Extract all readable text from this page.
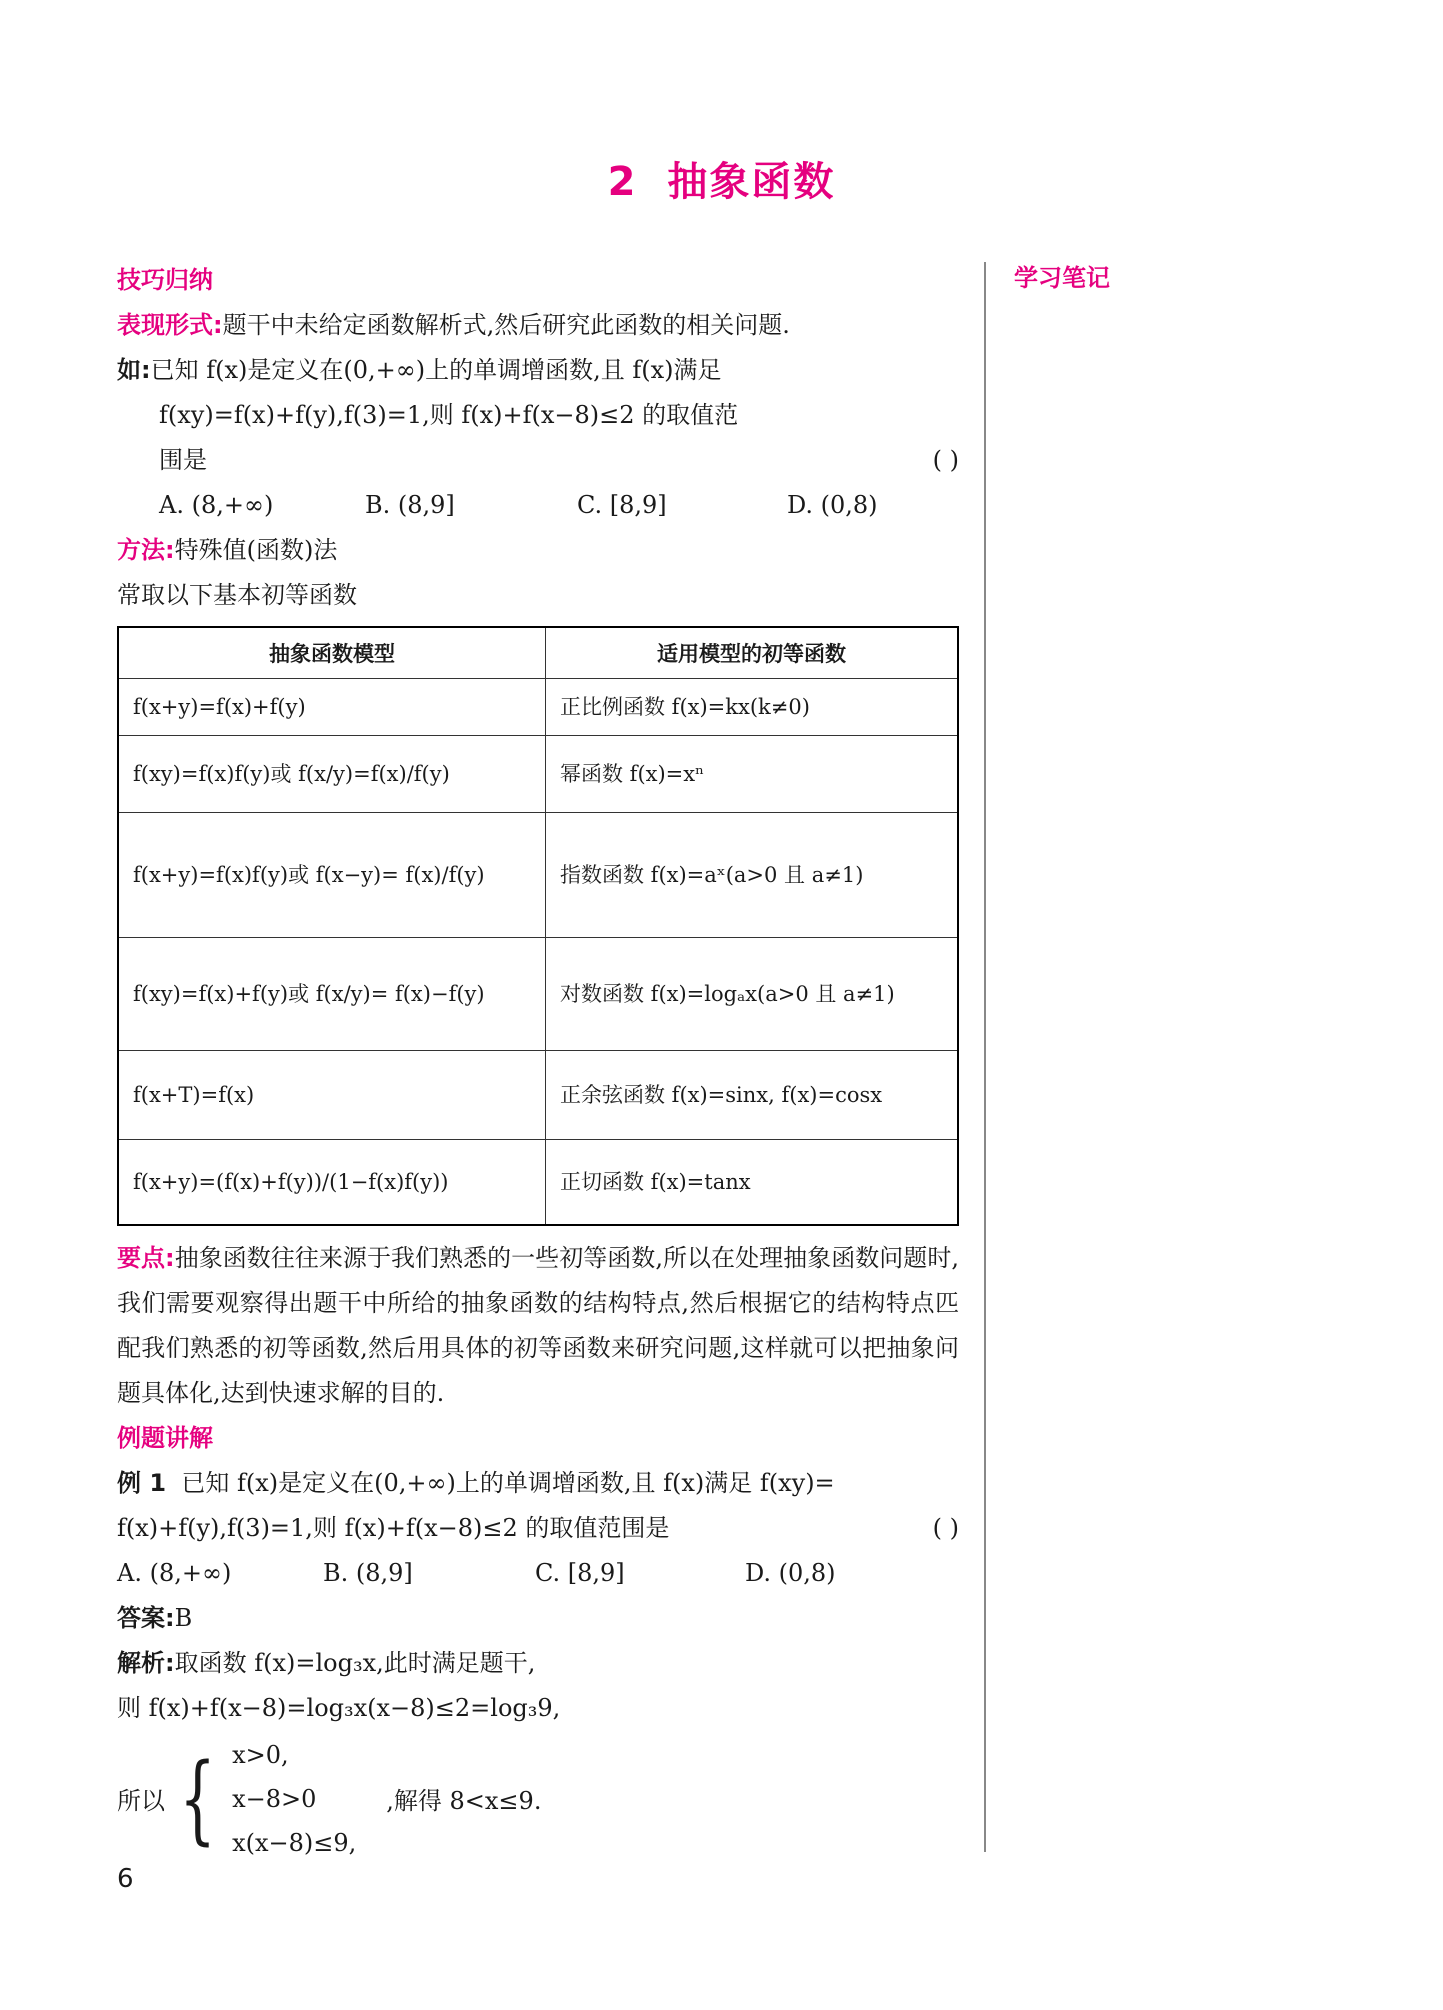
2 抽象函数
学习笔记
技巧归纳
表现形式:题干中未给定函数解析式,然后研究此函数的相关问题.
如:已知 f(x)是定义在(0,+∞)上的单调增函数,且 f(x)满足
f(xy)=f(x)+f(y),f(3)=1,则 f(x)+f(x−8)≤2 的取值范
围是	( )
A. (8,+∞)	B. (8,9]	C. [8,9]	D. (0,8)
方法:特殊值(函数)法
常取以下基本初等函数
抽象函数模型	适用模型的初等函数
f(x+y)=f(x)+f(y)	正比例函数 f(x)=kx(k≠0)
f(xy)=f(x)f(y)或 f(x/y)=f(x)/f(y)	幂函数 f(x)=xⁿ
f(x+y)=f(x)f(y)或 f(x−y)= f(x)/f(y)	指数函数 f(x)=aˣ(a>0 且 a≠1)
f(xy)=f(x)+f(y)或 f(x/y)= f(x)−f(y)	对数函数 f(x)=logₐx(a>0 且 a≠1)
f(x+T)=f(x)	正余弦函数 f(x)=sinx, f(x)=cosx
f(x+y)=(f(x)+f(y))/(1−f(x)f(y))	正切函数 f(x)=tanx
要点:抽象函数往往来源于我们熟悉的一些初等函数,所以在处理抽象函数问题时,我们需要观察得出题干中所给的抽象函数的结构特点,然后根据它的结构特点匹配我们熟悉的初等函数,然后用具体的初等函数来研究问题,这样就可以把抽象问题具体化,达到快速求解的目的.
例题讲解
例 1 已知 f(x)是定义在(0,+∞)上的单调增函数,且 f(x)满足 f(xy)=
f(x)+f(y),f(3)=1,则 f(x)+f(x−8)≤2 的取值范围是	( )
A. (8,+∞)	B. (8,9]	C. [8,9]	D. (0,8)
答案:B
解析:取函数 f(x)=log₃x,此时满足题干,
则 f(x)+f(x−8)=log₃x(x−8)≤2=log₃9,
所以 { x>0,
x−8>0
x(x−8)≤9,
,解得 8<x≤9.
6
